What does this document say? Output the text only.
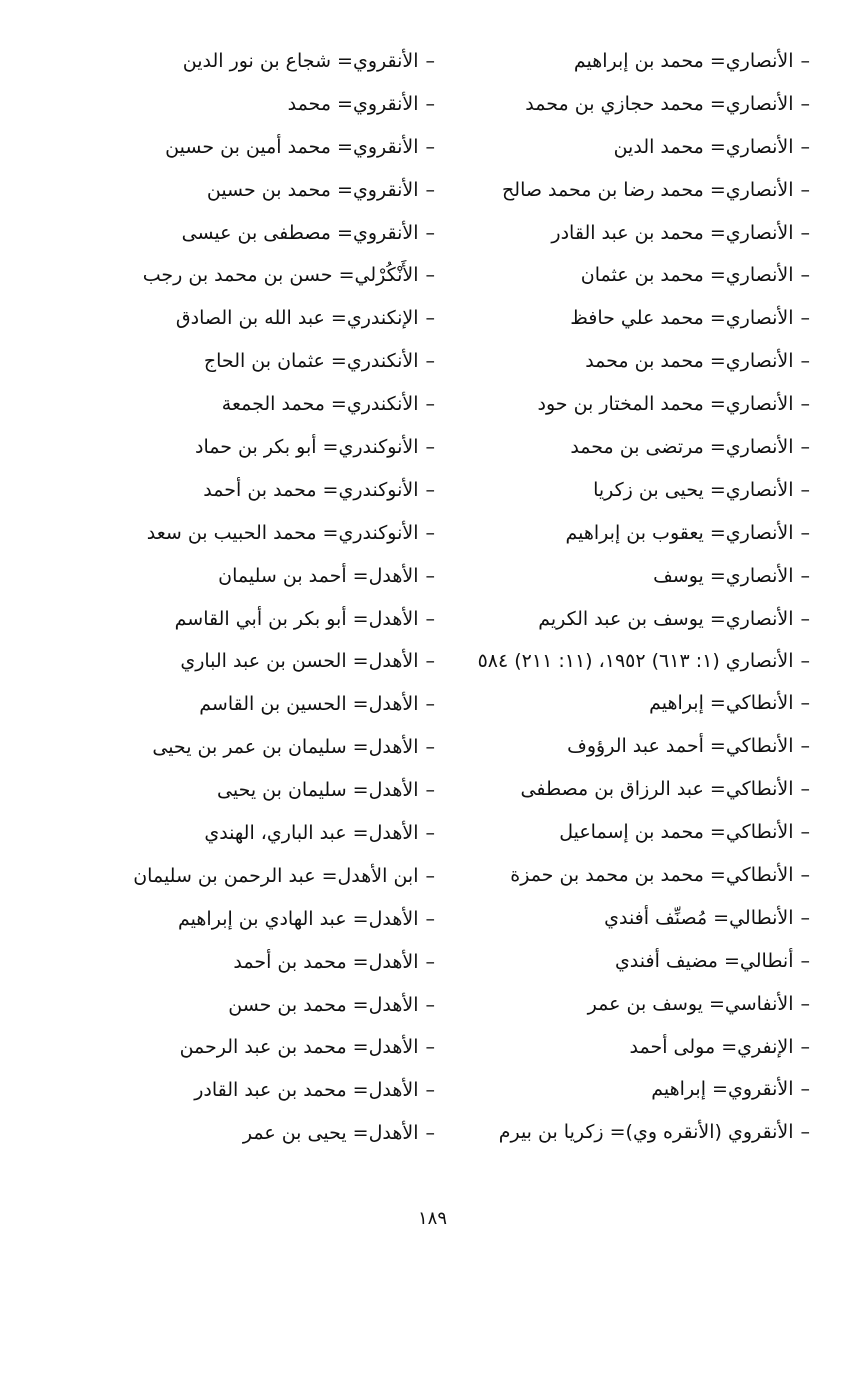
–الأنصاري= محمد بن إبراهيم
–الأنصاري= محمد حجازي بن محمد
–الأنصاري= محمد الدين
–الأنصاري= محمد رضا بن محمد صالح
–الأنصاري= محمد بن عبد القادر
–الأنصاري= محمد بن عثمان
–الأنصاري= محمد علي حافظ
–الأنصاري= محمد بن محمد
–الأنصاري= محمد المختار بن حود
–الأنصاري= مرتضى بن محمد
–الأنصاري= يحيى بن زكريا
–الأنصاري= يعقوب بن إبراهيم
–الأنصاري= يوسف
–الأنصاري= يوسف بن عبد الكريم
–الأنصاري (١: ٦١٣) ١٩٥٢، (١١: ٢١١) ٥٨٤
–الأنطاكي= إبراهيم
–الأنطاكي= أحمد عبد الرؤوف
–الأنطاكي= عبد الرزاق بن مصطفى
–الأنطاكي= محمد بن إسماعيل
–الأنطاكي= محمد بن محمد بن حمزة
–الأنطالي= مُصنِّف أفندي
–أنطالي= مضيف أفندي
–الأنفاسي= يوسف بن عمر
–الإنفري= مولى أحمد
–الأنقروي= إبراهيم
–الأنقروي (الأنقره وي)= زكريا بن بيرم
–الأنقروي= شجاع بن نور الدين
–الأنقروي= محمد
–الأنقروي= محمد أمين بن حسين
–الأنقروي= محمد بن حسين
–الأنقروي= مصطفى بن عيسى
–الأَنْكُرْلي= حسن بن محمد بن رجب
–الإنكندري= عبد الله بن الصادق
–الأنكندري= عثمان بن الحاج
–الأنكندري= محمد الجمعة
–الأنوكندري= أبو بكر بن حماد
–الأنوكندري= محمد بن أحمد
–الأنوكندري= محمد الحبيب بن سعد
–الأهدل= أحمد بن سليمان
–الأهدل= أبو بكر بن أبي القاسم
–الأهدل= الحسن بن عبد الباري
–الأهدل= الحسين بن القاسم
–الأهدل= سليمان بن عمر بن يحيى
–الأهدل= سليمان بن يحيى
–الأهدل= عبد الباري، الهندي
–ابن الأهدل= عبد الرحمن بن سليمان
–الأهدل= عبد الهادي بن إبراهيم
–الأهدل= محمد بن أحمد
–الأهدل= محمد بن حسن
–الأهدل= محمد بن عبد الرحمن
–الأهدل= محمد بن عبد القادر
–الأهدل= يحيى بن عمر
١٨٩
